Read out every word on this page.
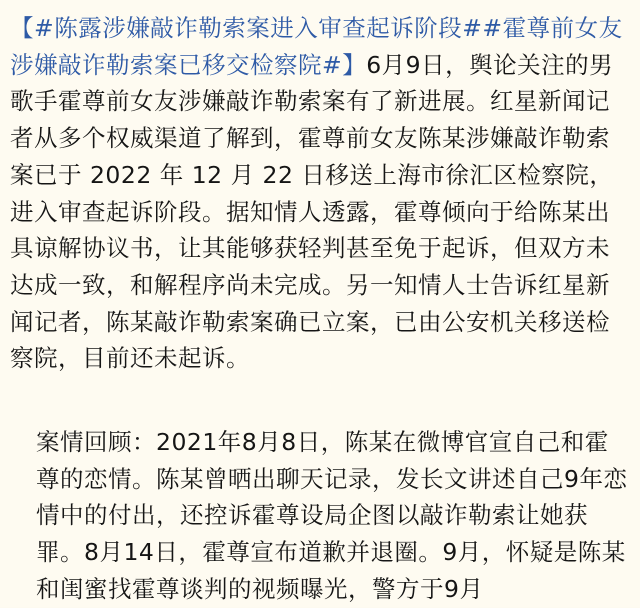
【#陈露涉嫌敲诈勒索案进入审查起诉阶段##霍尊前女友涉嫌敲诈勒索案已移交检察院#】6月9日，舆论关注的男歌手霍尊前女友涉嫌敲诈勒索案有了新进展。红星新闻记者从多个权威渠道了解到，霍尊前女友陈某涉嫌敲诈勒索案已于 2022 年 12 月 22 日移送上海市徐汇区检察院，进入审查起诉阶段。据知情人透露，霍尊倾向于给陈某出具谅解协议书，让其能够获轻判甚至免于起诉，但双方未达成一致，和解程序尚未完成。另一知情人士告诉红星新闻记者，陈某敲诈勒索案确已立案，已由公安机关移送检察院，目前还未起诉。

案情回顾：2021年8月8日，陈某在微博官宣自己和霍尊的恋情。陈某曾晒出聊天记录，发长文讲述自己9年恋情中的付出，还控诉霍尊设局企图以敲诈勒索让她获罪。8月14日，霍尊宣布道歉并退圈。9月，怀疑是陈某和闺蜜找霍尊谈判的视频曝光，警方于9月
